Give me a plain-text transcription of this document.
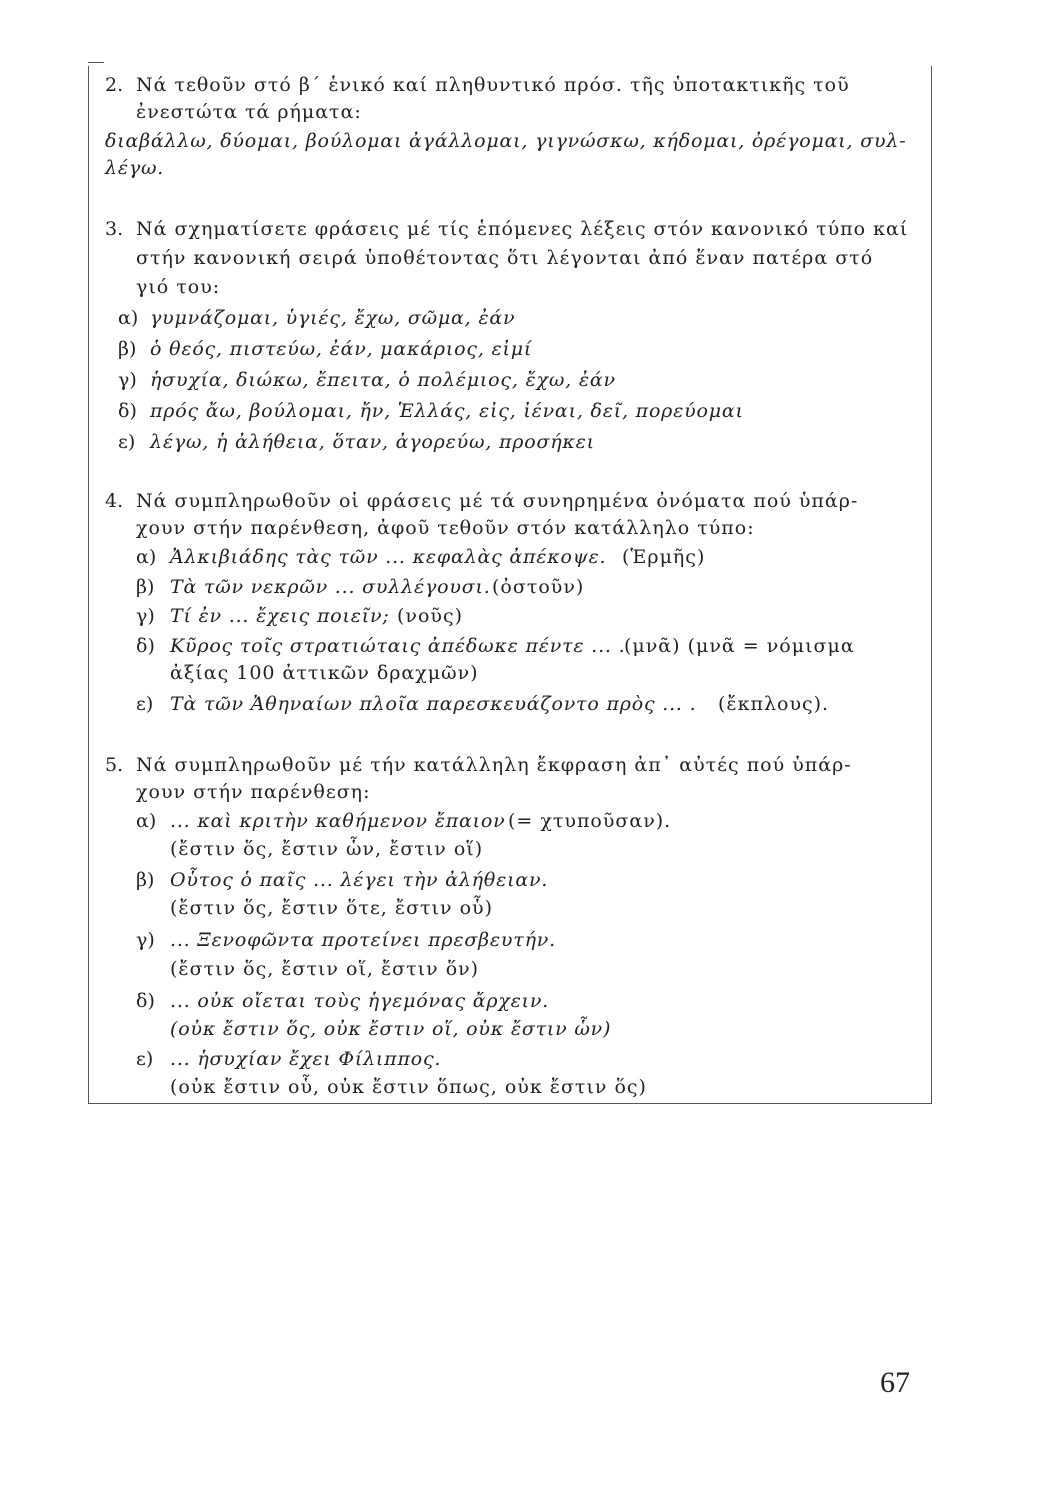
2. Νά τεθοῦν στό β΄ ἑνικό καί πληθυντικό πρόσ. τῆς ὑποτακτικῆς τοῦ
ἐνεστώτα τά ρήματα:
διαβάλλω, δύομαι, βούλομαι ἀγάλλομαι, γιγνώσκω, κήδομαι, ὀρέγομαι, συλ-
λέγω.
3. Νά σχηματίσετε φράσεις μέ τίς ἑπόμενες λέξεις στόν κανονικό τύπο καί
στήν κανονική σειρά ὑποθέτοντας ὅτι λέγονται ἀπό ἕναν πατέρα στό
γιό του:
α) γυμνάζομαι, ὑγιές, ἔχω, σῶμα, ἐάν
β) ὁ θεός, πιστεύω, ἐάν, μακάριος, εἰμί
γ) ἡσυχία, διώκω, ἔπειτα, ὁ πολέμιος, ἔχω, ἐάν
δ) πρός ἄω, βούλομαι, ἤν, Ἑλλάς, εἰς, ἰέναι, δεῖ, πορεύομαι
ε) λέγω, ἡ ἀλήθεια, ὅταν, ἀγορεύω, προσήκει
4. Νά συμπληρωθοῦν οἱ φράσεις μέ τά συνηρημένα ὀνόματα πού ὑπάρ-
χουν στήν παρένθεση, ἀφοῦ τεθοῦν στόν κατάλληλο τύπο:
α) Ἀλκιβιάδης τὰς τῶν ... κεφαλὰς ἀπέκοψε. (Ἑρμῆς)
β) Τὰ τῶν νεκρῶν ... συλλέγουσι. (ὀστοῦν)
γ) Τί ἐν ... ἔχεις ποιεῖν; (νοῦς)
δ) Κῦρος τοῖς στρατιώταις ἀπέδωκε πέντε ... .
(μνᾶ) (μνᾶ = νόμισμα
ἀξίας 100 ἀττικῶν δραχμῶν)
ε) Τὰ τῶν Ἀθηναίων πλοῖα παρεσκευάζοντο πρὸς ... . (ἔκπλους).
5. Νά συμπληρωθοῦν μέ τήν κατάλληλη ἔκφραση ἀπ᾽ αὐτές πού ὑπάρ-
χουν στήν παρένθεση:
α) ... καὶ κριτὴν καθήμενον ἔπαιον (= χτυποῦσαν).
(ἔστιν ὅς, ἔστιν ὧν, ἔστιν οἵ)
β) Οὗτος ὁ παῖς ... λέγει τὴν ἀλήθειαν.
(ἔστιν ὅς, ἔστιν ὅτε, ἔστιν οὗ)
γ) ... Ξενοφῶντα προτείνει πρεσβευτήν.
(ἔστιν ὅς, ἔστιν οἵ, ἔστιν ὅν)
δ) ... οὐκ οἴεται τοὺς ἡγεμόνας ἄρχειν.
(οὐκ ἔστιν ὅς, οὐκ ἔστιν οἵ, οὐκ ἔστιν ὧν)
ε) ... ἡσυχίαν ἔχει Φίλιππος.
(οὐκ ἔστιν οὗ, οὐκ ἔστιν ὅπως, οὐκ ἔστιν ὅς)
67
